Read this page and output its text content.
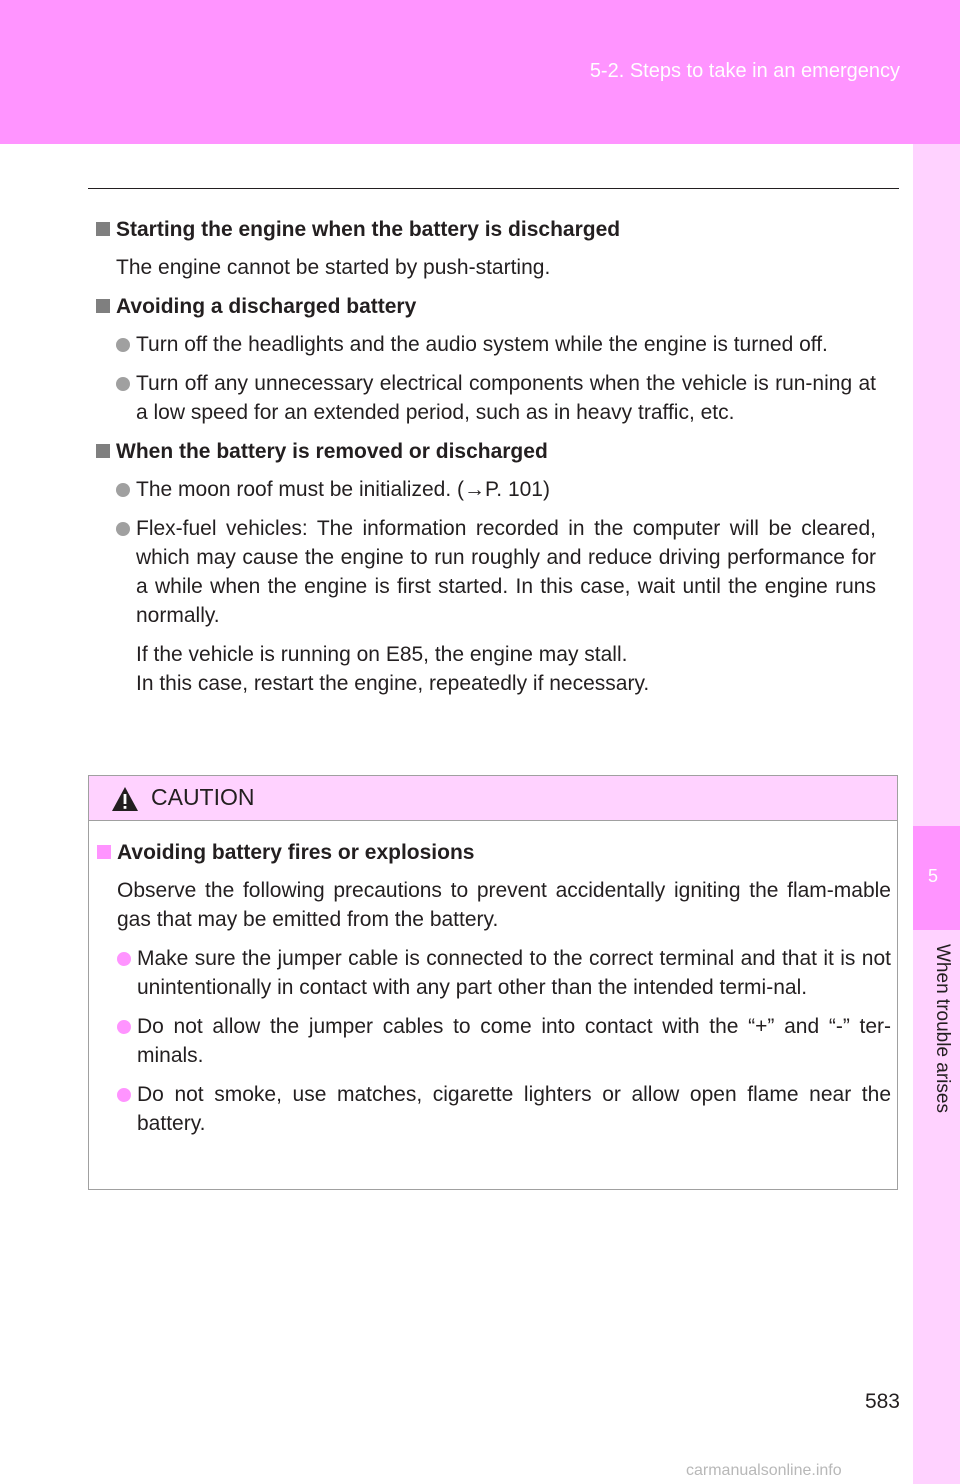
5-2. Steps to take in an emergency
5
When trouble arises
Starting the engine when the battery is discharged
The engine cannot be started by push-starting.
Avoiding a discharged battery
Turn off the headlights and the audio system while the engine is turned off.
Turn off any unnecessary electrical components when the vehicle is run-ning at a low speed for an extended period, such as in heavy traffic, etc.
When the battery is removed or discharged
The moon roof must be initialized. (→P. 101)
Flex-fuel vehicles: The information recorded in the computer will be cleared, which may cause the engine to run roughly and reduce driving performance for a while when the engine is first started. In this case, wait until the engine runs normally.
If the vehicle is running on E85, the engine may stall.
In this case, restart the engine, repeatedly if necessary.
CAUTION
Avoiding battery fires or explosions
Observe the following precautions to prevent accidentally igniting the flam-mable gas that may be emitted from the battery.
Make sure the jumper cable is connected to the correct terminal and that it is not unintentionally in contact with any part other than the intended termi-nal.
Do not allow the jumper cables to come into contact with the “+” and “-” ter-minals.
Do not smoke, use matches, cigarette lighters or allow open flame near the battery.
583
carmanualsonline.info
